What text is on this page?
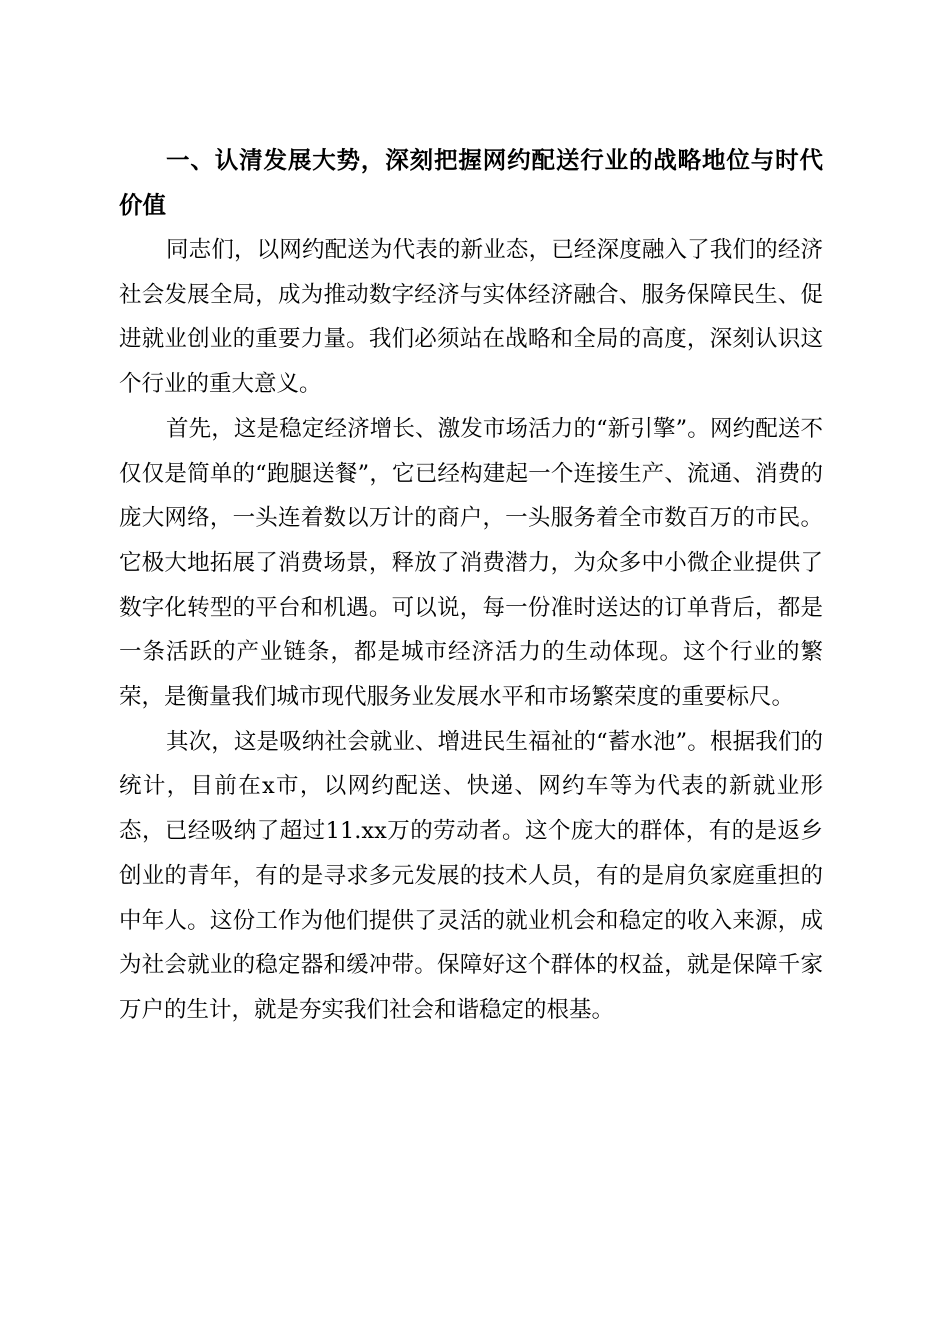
一、认清发展大势，深刻把握网约配送行业的战略地位与时代价值

同志们，以网约配送为代表的新业态，已经深度融入了我们的经济社会发展全局，成为推动数字经济与实体经济融合、服务保障民生、促进就业创业的重要力量。我们必须站在战略和全局的高度，深刻认识这个行业的重大意义。

首先，这是稳定经济增长、激发市场活力的“新引擎”。网约配送不仅仅是简单的“跑腿送餐”，它已经构建起一个连接生产、流通、消费的庞大网络，一头连着数以万计的商户，一头服务着全市数百万的市民。它极大地拓展了消费场景，释放了消费潜力，为众多中小微企业提供了数字化转型的平台和机遇。可以说，每一份准时送达的订单背后，都是一条活跃的产业链条，都是城市经济活力的生动体现。这个行业的繁荣，是衡量我们城市现代服务业发展水平和市场繁荣度的重要标尺。

其次，这是吸纳社会就业、增进民生福祉的“蓄水池”。根据我们的统计，目前在x市，以网约配送、快递、网约车等为代表的新就业形态，已经吸纳了超过11.xx万的劳动者。这个庞大的群体，有的是返乡创业的青年，有的是寻求多元发展的技术人员，有的是肩负家庭重担的中年人。这份工作为他们提供了灵活的就业机会和稳定的收入来源，成为社会就业的稳定器和缓冲带。保障好这个群体的权益，就是保障千家万户的生计，就是夯实我们社会和谐稳定的根基。
